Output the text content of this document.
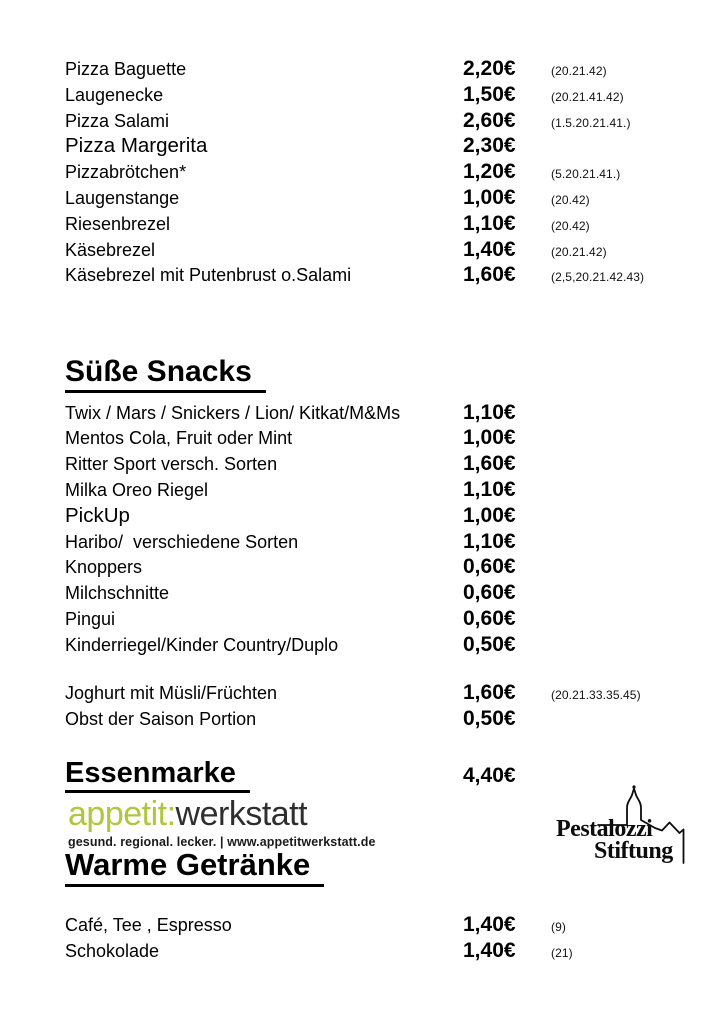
Pizza Baguette	2,20€	(20.21.42)
Laugenecke	1,50€	(20.21.41.42)
Pizza Salami	2,60€	(1.5.20.21.41.)
Pizza Margerita	2,30€
Pizzabrötchen*	1,20€	(5.20.21.41.)
Laugenstange	1,00€	(20.42)
Riesenbrezel	1,10€	(20.42)
Käsebrezel	1,40€	(20.21.42)
Käsebrezel mit Putenbrust o.Salami	1,60€	(2,5,20.21.42.43)
Süße Snacks
Twix / Mars / Snickers / Lion/ Kitkat/M&Ms	1,10€
Mentos Cola, Fruit oder Mint	1,00€
Ritter Sport versch. Sorten	1,60€
Milka Oreo Riegel	1,10€
PickUp	1,00€
Haribo/  verschiedene Sorten	1,10€
Knoppers	0,60€
Milchschnitte	0,60€
Pingui	0,60€
Kinderriegel/Kinder Country/Duplo	0,50€
Joghurt mit Müsli/Früchten	1,60€	(20.21.33.35.45)
Obst der Saison Portion	0,50€
Essenmarke	4,40€
appetit:werkstatt
gesund. regional. lecker. | www.appetitwerkstatt.de
Warme Getränke
Café, Tee , Espresso	1,40€	(9)
Schokolade	1,40€	(21)
Pestalozzi
Stiftung
